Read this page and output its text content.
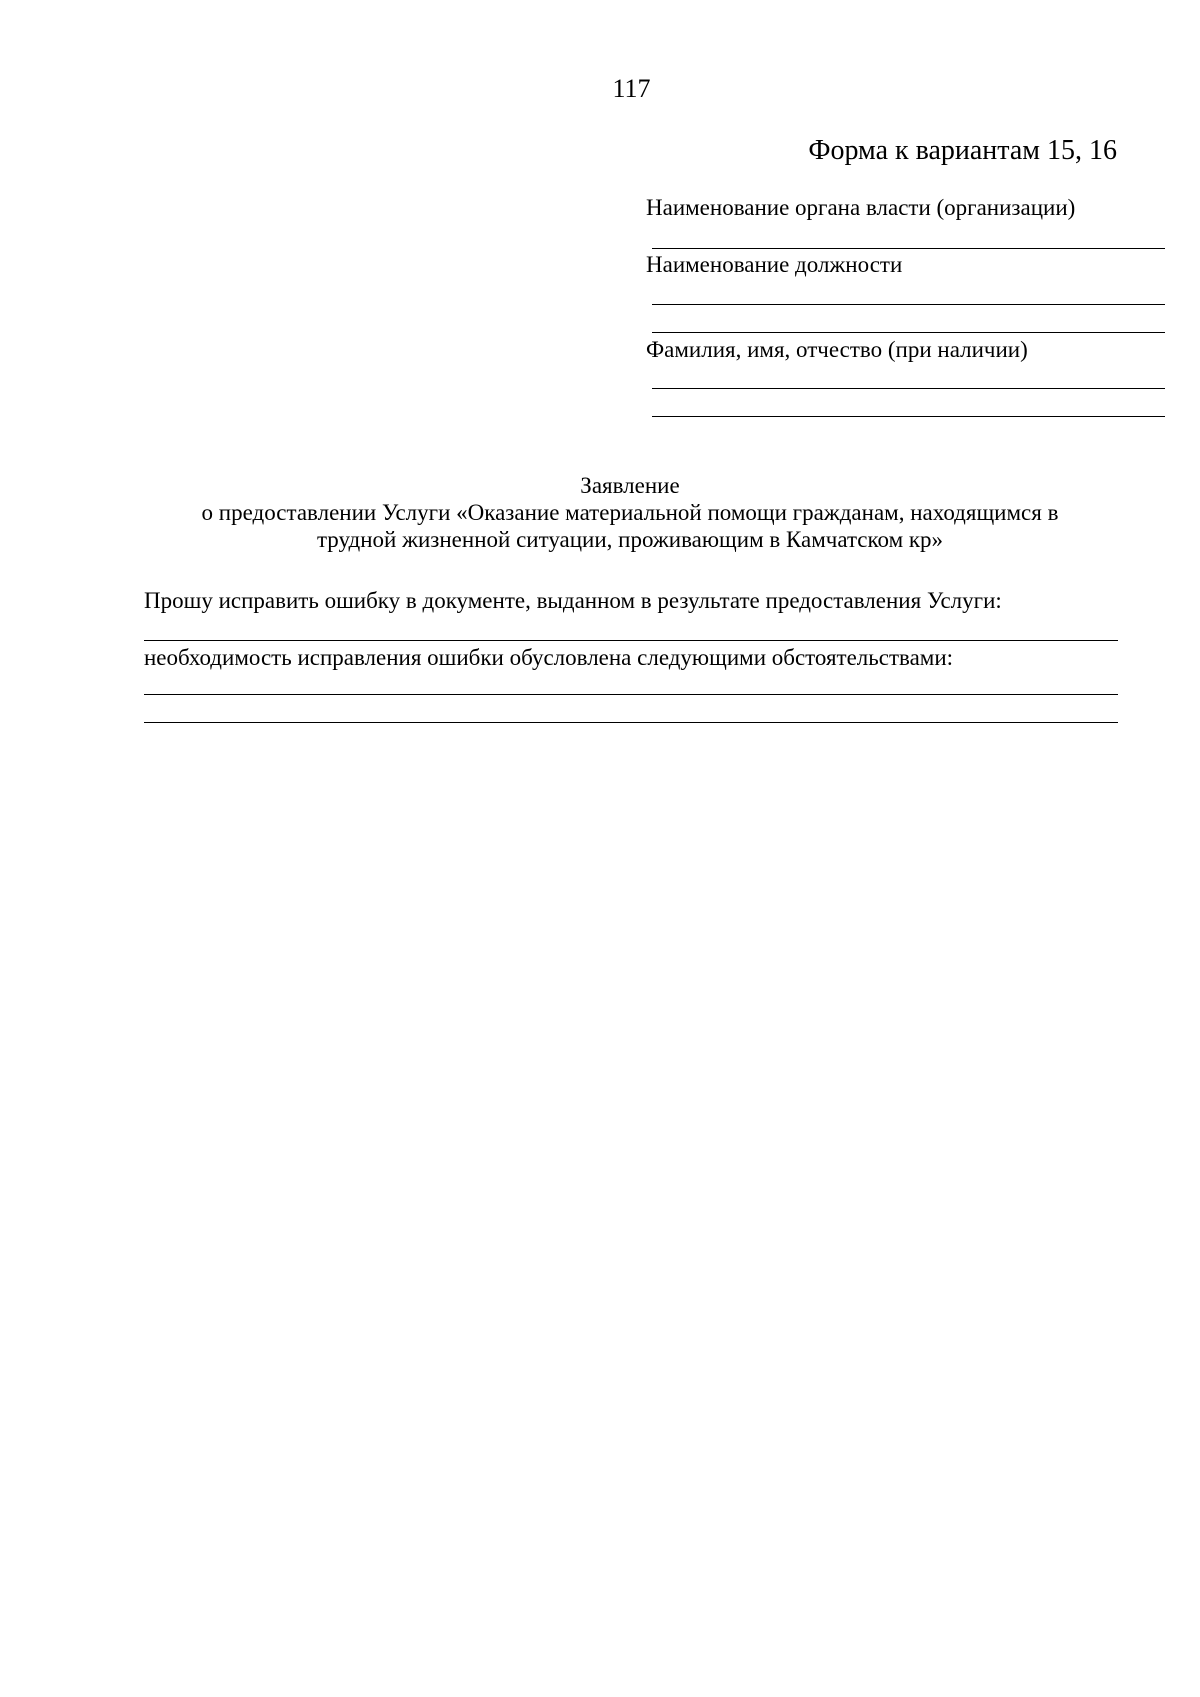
117
Форма к вариантам 15, 16
Наименование органа власти (организации)
Наименование должности
Фамилия, имя, отчество (при наличии)
Заявление
о предоставлении Услуги «Оказание материальной помощи гражданам, находящимся в
трудной жизненной ситуации, проживающим в Камчатском кр»
Прошу исправить ошибку в документе, выданном в результате предоставления Услуги:
необходимость исправления ошибки обусловлена следующими обстоятельствами:
